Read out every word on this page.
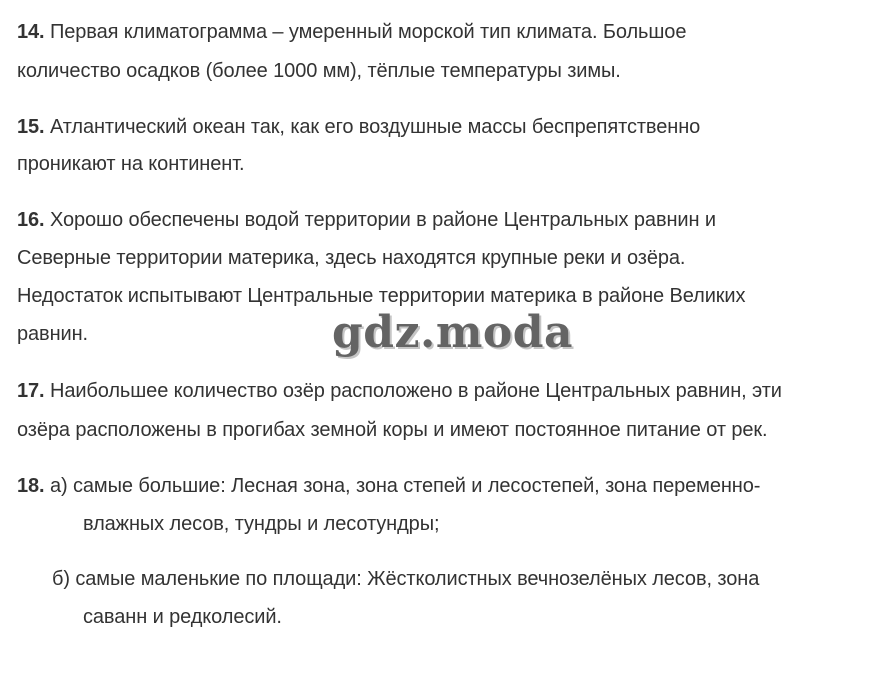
14. Первая климатограмма – умеренный морской тип климата. Большое
количество осадков (более 1000 мм), тёплые температуры зимы.
15. Атлантический океан так, как его воздушные массы беспрепятственно
проникают на континент.
16. Хорошо обеспечены водой территории в районе Центральных равнин и
Северные территории материка, здесь находятся крупные реки и озёра.
Недостаток испытывают Центральные территории материка в районе Великих
равнин.
17. Наибольшее количество озёр расположено в районе Центральных равнин, эти
озёра расположены в прогибах земной коры и имеют постоянное питание от рек.
18. а) самые большие: Лесная зона, зона степей и лесостепей, зона переменно-
влажных лесов, тундры и лесотундры;
б) самые маленькие по площади: Жёстколистных вечнозелёных лесов, зона
саванн и редколесий.
gdz.moda
